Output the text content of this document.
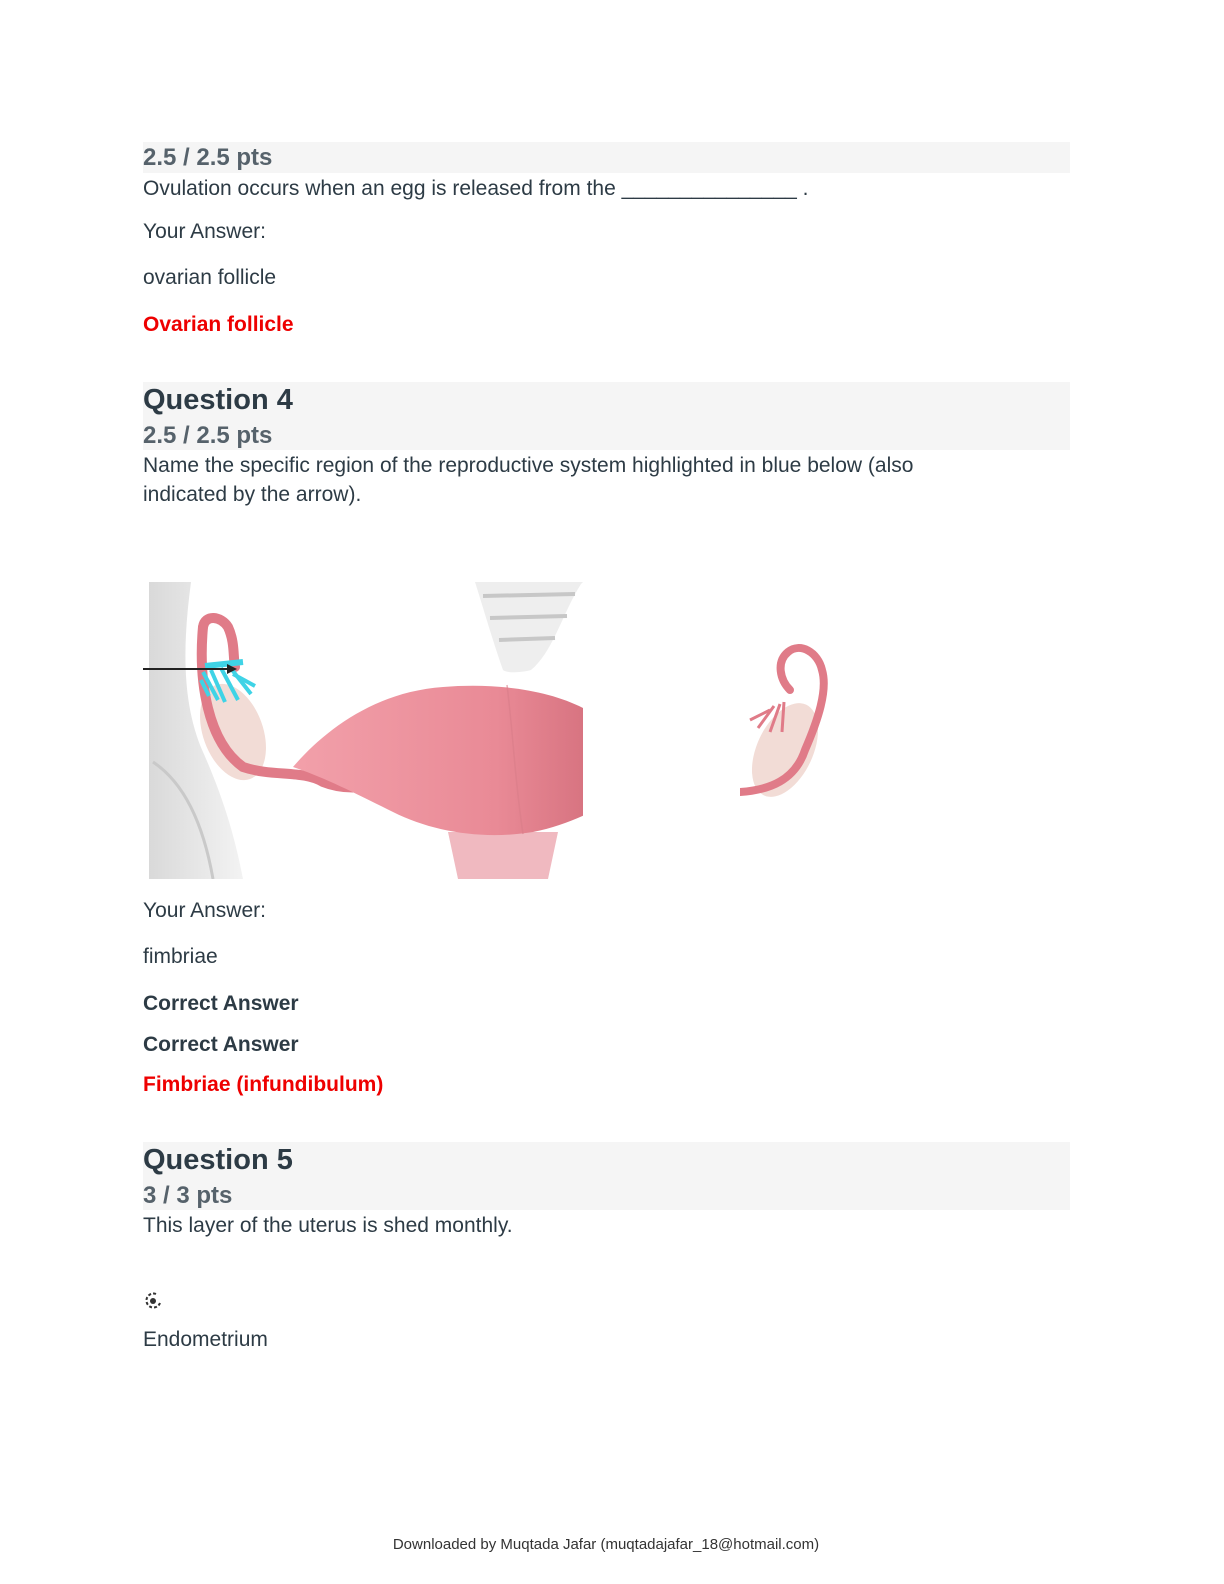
2.5 / 2.5 pts
Ovulation occurs when an egg is released from the _______________ .
Your Answer:
ovarian follicle
Ovarian follicle
Question 4
2.5 / 2.5 pts
Name the specific region of the reproductive system highlighted in blue below (also
indicated by the arrow).
Your Answer:
fimbriae
Correct Answer
Correct Answer
Fimbriae (infundibulum)
Question 5
3 / 3 pts
This layer of the uterus is shed monthly.
Endometrium
Downloaded by Muqtada Jafar (muqtadajafar_18@hotmail.com)
